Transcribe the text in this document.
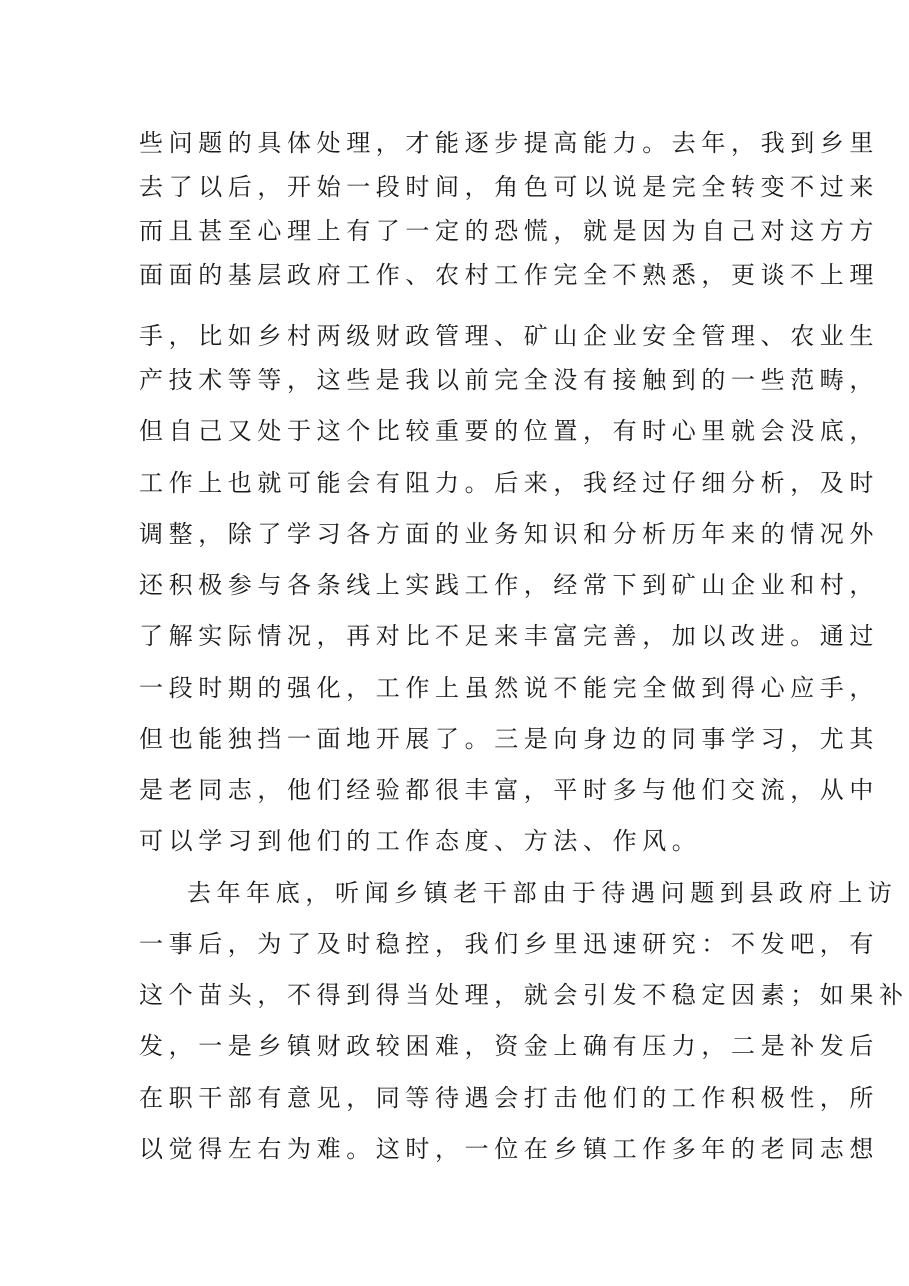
些问题的具体处理，才能逐步提高能力。去年，我到乡里
去了以后，开始一段时间，角色可以说是完全转变不过来
而且甚至心理上有了一定的恐慌，就是因为自己对这方方
面面的基层政府工作、农村工作完全不熟悉，更谈不上理
手，比如乡村两级财政管理、矿山企业安全管理、农业生
产技术等等，这些是我以前完全没有接触到的一些范畴，
但自己又处于这个比较重要的位置，有时心里就会没底，
工作上也就可能会有阻力。后来，我经过仔细分析，及时
调整，除了学习各方面的业务知识和分析历年来的情况外
还积极参与各条线上实践工作，经常下到矿山企业和村，
了解实际情况，再对比不足来丰富完善，加以改进。通过
一段时期的强化，工作上虽然说不能完全做到得心应手，
但也能独挡一面地开展了。三是向身边的同事学习，尤其
是老同志，他们经验都很丰富，平时多与他们交流，从中
可以学习到他们的工作态度、方法、作风。
去年年底，听闻乡镇老干部由于待遇问题到县政府上访
一事后，为了及时稳控，我们乡里迅速研究：不发吧，有
这个苗头，不得到得当处理，就会引发不稳定因素；如果补
发，一是乡镇财政较困难，资金上确有压力，二是补发后
在职干部有意见，同等待遇会打击他们的工作积极性，所
以觉得左右为难。这时，一位在乡镇工作多年的老同志想
